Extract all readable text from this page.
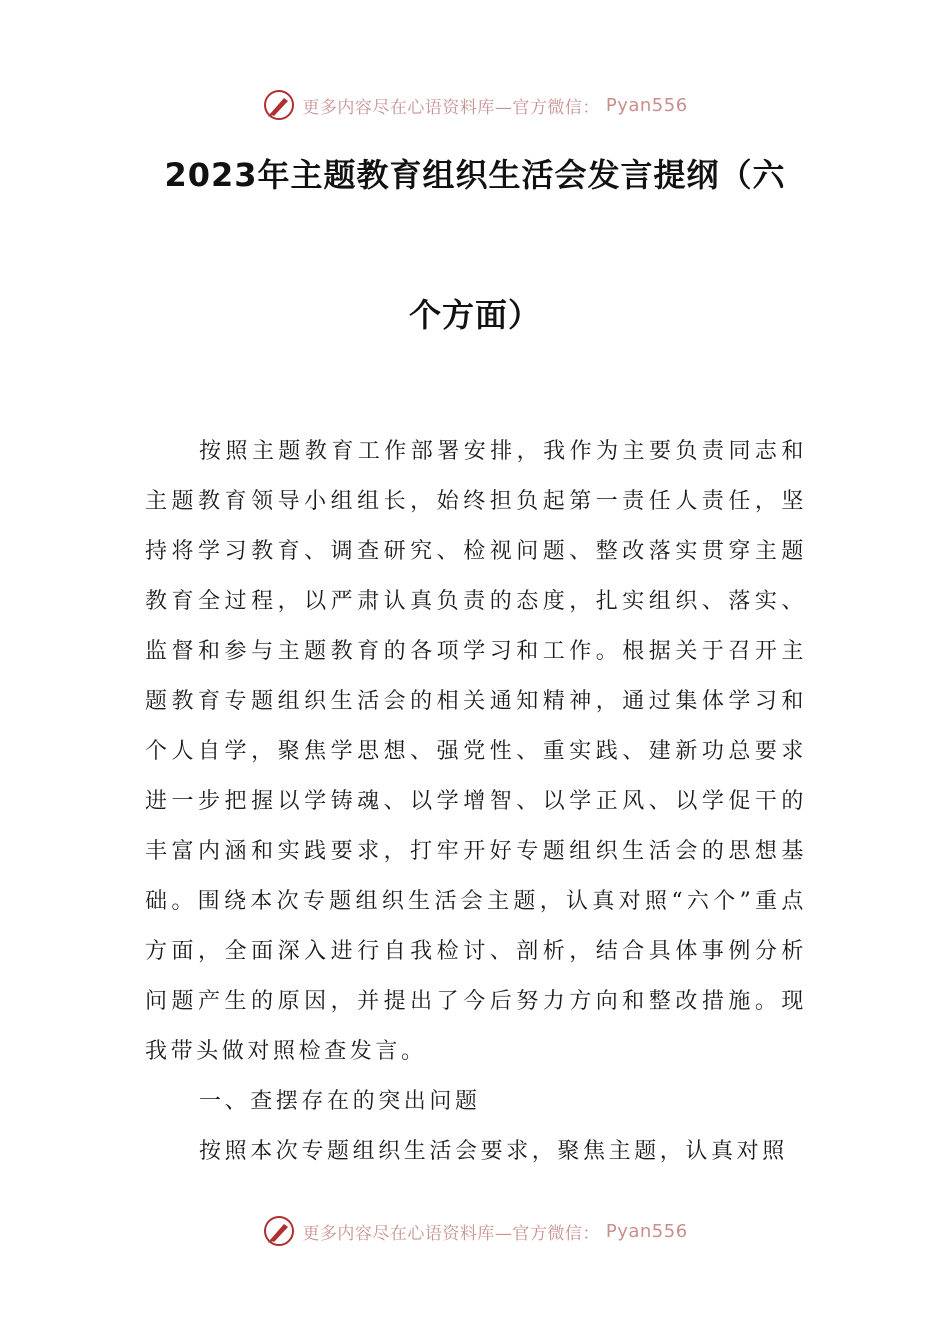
更多内容尽在心语资料库—官方微信： Pyan556
2023年主题教育组织生活会发言提纲（六
个方面）
按照主题教育工作部署安排，我作为主要负责同志和主题教育领导小组组长，始终担负起第一责任人责任，坚持将学习教育、调查研究、检视问题、整改落实贯穿主题教育全过程，以严肃认真负责的态度，扎实组织、落实、监督和参与主题教育的各项学习和工作。根据关于召开主题教育专题组织生活会的相关通知精神，通过集体学习和个人自学，聚焦学思想、强党性、重实践、建新功总要求进一步把握以学铸魂、以学增智、以学正风、以学促干的丰富内涵和实践要求，打牢开好专题组织生活会的思想基础。围绕本次专题组织生活会主题，认真对照“六个”重点方面，全面深入进行自我检讨、剖析，结合具体事例分析问题产生的原因，并提出了今后努力方向和整改措施。现我带头做对照检查发言。
一、查摆存在的突出问题
按照本次专题组织生活会要求，聚焦主题，认真对照
更多内容尽在心语资料库—官方微信： Pyan556
